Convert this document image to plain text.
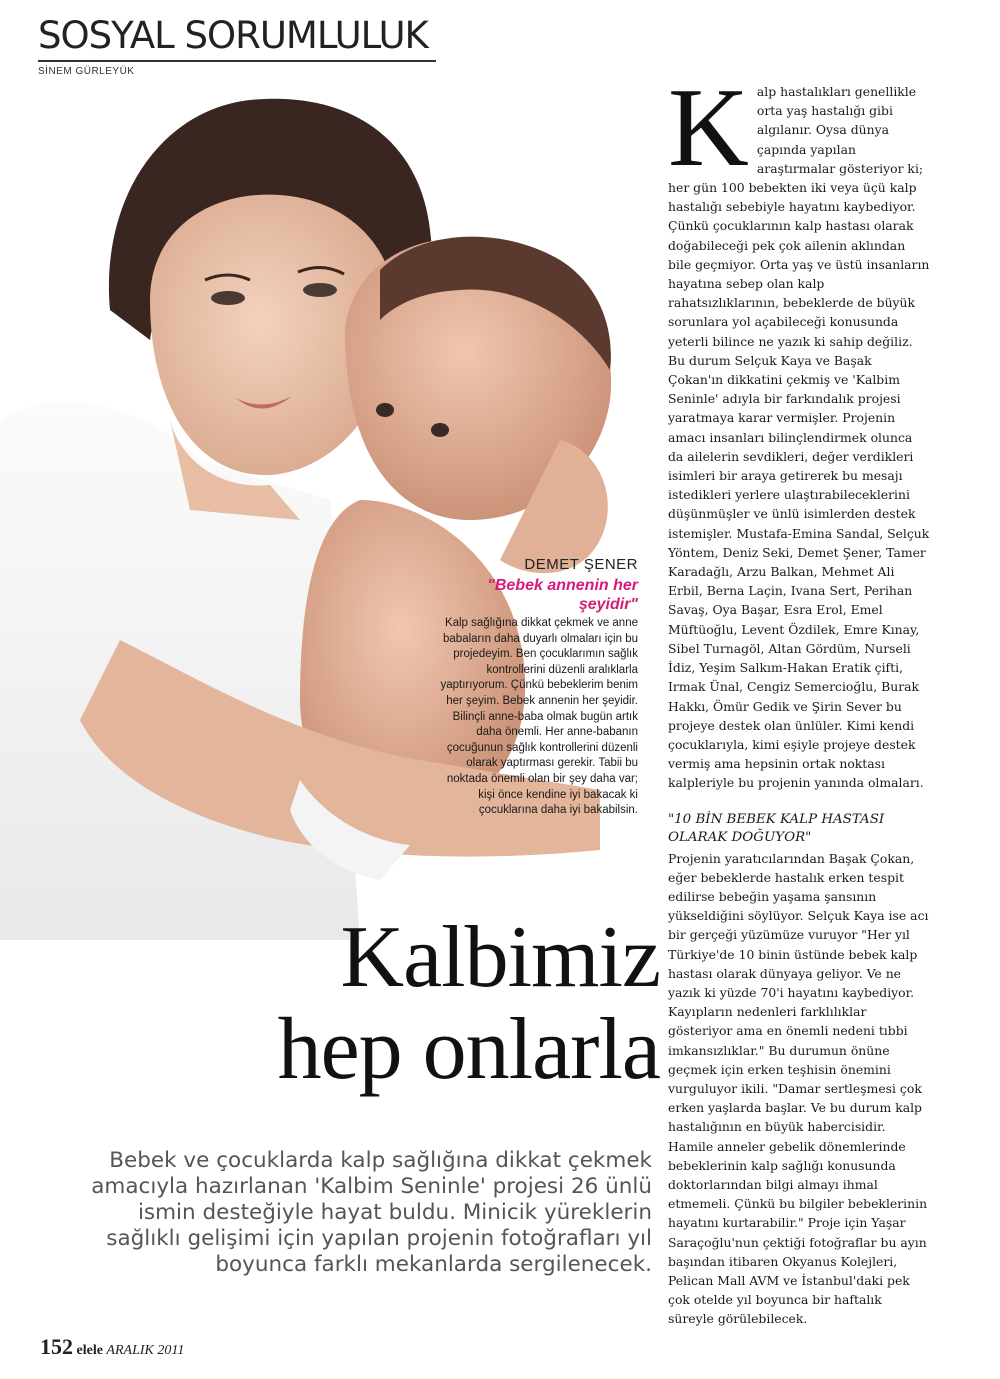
SOSYAL SORUMLULUK
SİNEM GÜRLEYÜK
DEMET ŞENER
"Bebek annenin her şeyidir"
Kalp sağlığına dikkat çekmek ve anne babaların daha duyarlı olmaları için bu projedeyim. Ben çocuklarımın sağlık kontrollerini düzenli aralıklarla yaptırıyorum. Çünkü bebeklerim benim her şeyim. Bebek annenin her şeyidir. Bilinçli anne-baba olmak bugün artık daha önemli. Her anne-babanın çocuğunun sağlık kontrollerini düzenli olarak yaptırması gerekir. Tabii bu noktada önemli olan bir şey daha var; kişi önce kendine iyi bakacak ki çocuklarına daha iyi bakabilsin.
Kalbimiz
hep onlarla
Bebek ve çocuklarda kalp sağlığına dikkat çekmek amacıyla hazırlanan 'Kalbim Seninle' projesi 26 ünlü ismin desteğiyle hayat buldu. Minicik yüreklerin sağlıklı gelişimi için yapılan projenin fotoğrafları yıl boyunca farklı mekanlarda sergilenecek.
K alp hastalıkları genellikle orta yaş hastalığı gibi algılanır. Oysa dünya çapında yapılan araştırmalar gösteriyor ki; her gün 100 bebekten iki veya üçü kalp hastalığı sebebiyle hayatını kaybediyor. Çünkü çocuklarının kalp hastası olarak doğabileceği pek çok ailenin aklından bile geçmiyor. Orta yaş ve üstü insanların hayatına sebep olan kalp rahatsızlıklarının, bebeklerde de büyük sorunlara yol açabileceği konusunda yeterli bilince ne yazık ki sahip değiliz. Bu durum Selçuk Kaya ve Başak Çokan'ın dikkatini çekmiş ve 'Kalbim Seninle' adıyla bir farkındalık projesi yaratmaya karar vermişler. Projenin amacı insanları bilinçlendirmek olunca da ailelerin sevdikleri, değer verdikleri isimleri bir araya getirerek bu mesajı istedikleri yerlere ulaştırabileceklerini düşünmüşler ve ünlü isimlerden destek istemişler. Mustafa-Emina Sandal, Selçuk Yöntem, Deniz Seki, Demet Şener, Tamer Karadağlı, Arzu Balkan, Mehmet Ali Erbil, Berna Laçin, Ivana Sert, Perihan Savaş, Oya Başar, Esra Erol, Emel Müftüoğlu, Levent Özdilek, Emre Kınay, Sibel Turnagöl, Altan Gördüm, Nurseli İdiz, Yeşim Salkım-Hakan Eratik çifti, Irmak Ünal, Cengiz Semercioğlu, Burak Hakkı, Ömür Gedik ve Şirin Sever bu projeye destek olan ünlüler. Kimi kendi çocuklarıyla, kimi eşiyle projeye destek vermiş ama hepsinin ortak noktası kalpleriyle bu projenin yanında olmaları.

"10 BİN BEBEK KALP HASTASI OLARAK DOĞUYOR"

Projenin yaratıcılarından Başak Çokan, eğer bebeklerde hastalık erken tespit edilirse bebeğin yaşama şansının yükseldiğini söylüyor. Selçuk Kaya ise acı bir gerçeği yüzümüze vuruyor "Her yıl Türkiye'de 10 binin üstünde bebek kalp hastası olarak dünyaya geliyor. Ve ne yazık ki yüzde 70'i hayatını kaybediyor. Kayıpların nedenleri farklılıklar gösteriyor ama en önemli nedeni tıbbi imkansızlıklar." Bu durumun önüne geçmek için erken teşhisin önemini vurguluyor ikili. "Damar sertleşmesi çok erken yaşlarda başlar. Ve bu durum kalp hastalığının en büyük habercisidir. Hamile anneler gebelik dönemlerinde bebeklerinin kalp sağlığı konusunda doktorlarından bilgi almayı ihmal etmemeli. Çünkü bu bilgiler bebeklerinin hayatını kurtarabilir." Proje için Yaşar Saraçoğlu'nun çektiği fotoğraflar bu ayın başından itibaren Okyanus Kolejleri, Pelican Mall AVM ve İstanbul'daki pek çok otelde yıl boyunca bir haftalık süreyle görülebilecek.

152 elele ARALIK 2011
